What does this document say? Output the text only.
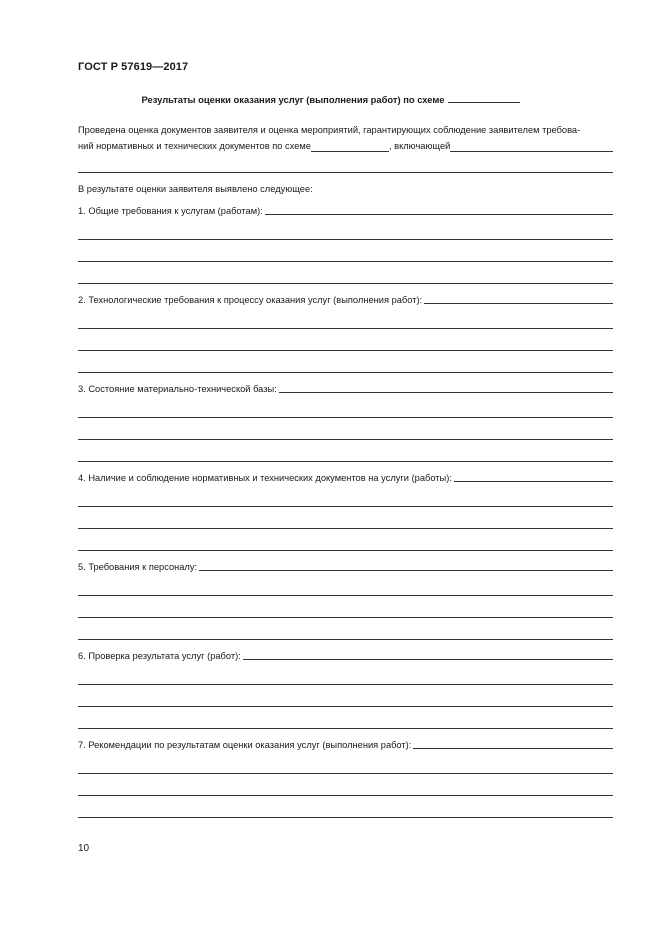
ГОСТ Р 57619—2017
Результаты оценки оказания услуг (выполнения работ) по схеме
Проведена оценка документов заявителя и оценка мероприятий, гарантирующих соблюдение заявителем требова-
ний нормативных и технических документов по схеме	, включающей
В результате оценки заявителя выявлено следующее:
1. Общие требования к услугам (работам):
2. Технологические требования к процессу оказания услуг (выполнения работ):
3. Состояние материально-технической базы:
4. Наличие и соблюдение нормативных и технических документов на услуги (работы):
5. Требования к персоналу:
6. Проверка результата услуг (работ):
7. Рекомендации по результатам оценки оказания услуг (выполнения работ):
10
